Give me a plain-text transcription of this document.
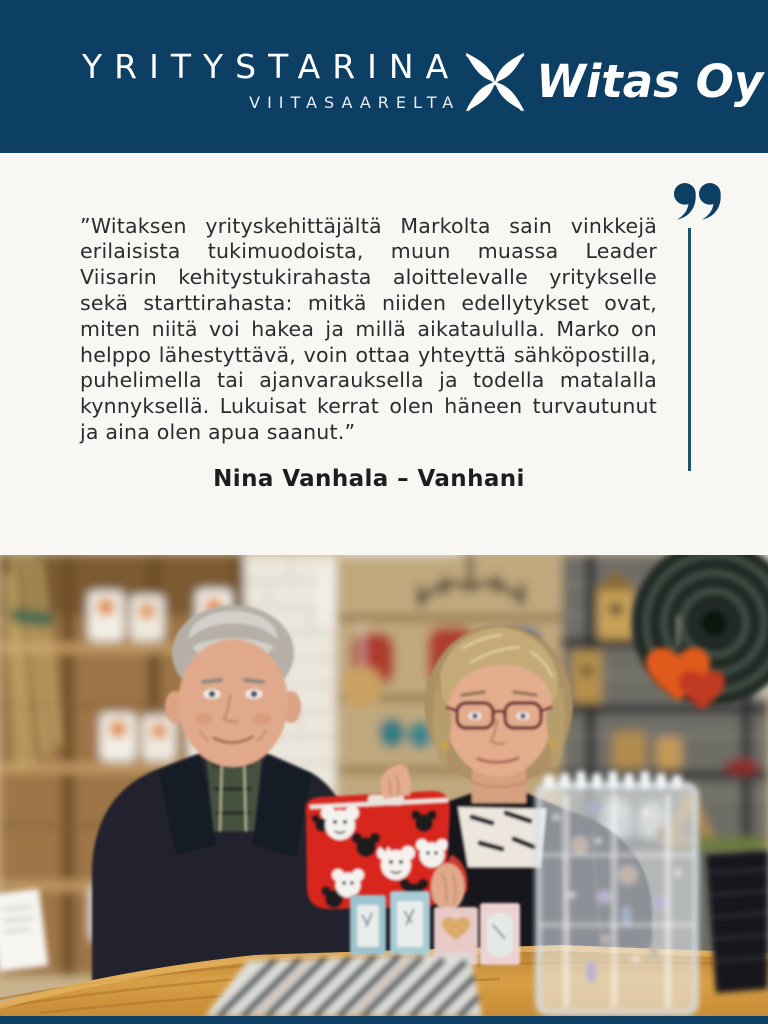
YRITYSTARINA
VIITASAARELTA Witas Oy

”Witaksen yrityskehittäjältä Markolta sain vinkkejä erilaisista tukimuodoista, muun muassa Leader Viisarin kehitystukirahasta aloittelevalle yritykselle sekä starttirahasta: mitkä niiden edellytykset ovat, miten niitä voi hakea ja millä aikataululla. Marko on helppo lähestyttävä, voin ottaa yhteyttä sähköpostilla, puhelimella tai ajanvarauksella ja todella matalalla kynnyksellä. Lukuisat kerrat olen häneen turvautunut ja aina olen apua saanut.”

Nina Vanhala – Vanhani
